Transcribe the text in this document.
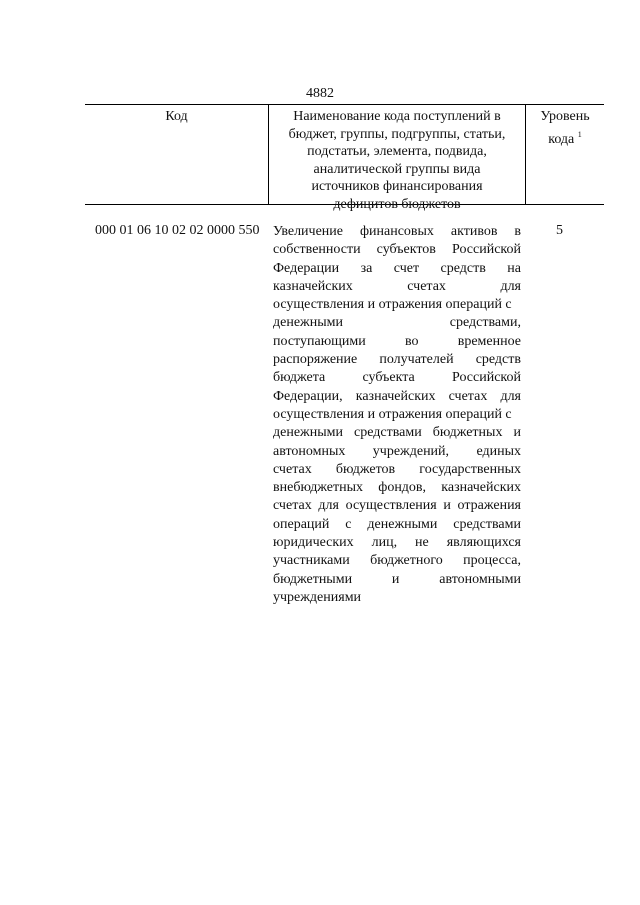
4882
Код	Наименование кода поступлений в
бюджет, группы, подгруппы, статьи,
подстатьи, элемента, подвида,
аналитической группы вида
источников финансирования
дефицитов бюджетов
Уровень
кода $^1$
000 01 06 10 02 02 0000 550 Увеличение финансовых активов в
собственности субъектов Российской
Федерации за счет средств на
казначейских счетах для
осуществления и отражения операций с
денежными средствами,
поступающими во временное
распоряжение получателей средств
бюджета субъекта Российской
Федерации, казначейских счетах для
осуществления и отражения операций с
денежными средствами бюджетных и
автономных учреждений, единых
счетах бюджетов государственных
внебюджетных фондов, казначейских
счетах для осуществления и отражения
операций с денежными средствами
юридических лиц, не являющихся
участниками бюджетного процесса,
бюджетными и автономными
учреждениями
5
